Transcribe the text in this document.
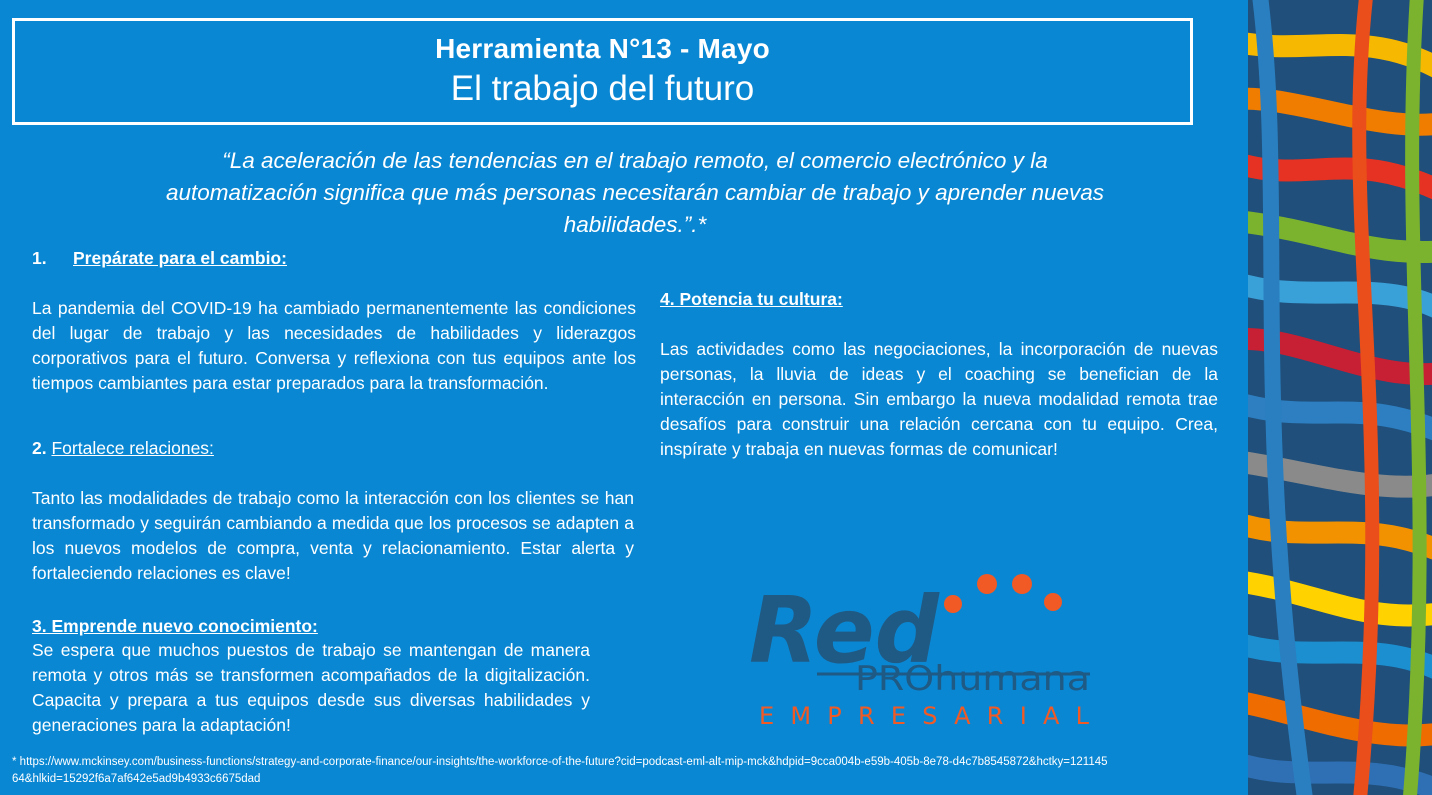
Herramienta N°13 - Mayo
El trabajo del futuro
“La aceleración de las tendencias en el trabajo remoto, el comercio electrónico y la automatización significa que más personas necesitarán cambiar de trabajo y aprender nuevas habilidades.”.*
1. Prepárate para el cambio:
La pandemia del COVID-19 ha cambiado permanentemente las condiciones del lugar de trabajo y las necesidades de habilidades y liderazgos corporativos para el futuro. Conversa y reflexiona con tus equipos ante los tiempos cambiantes para estar preparados para la transformación.
2. Fortalece relaciones:
Tanto las modalidades de trabajo como la interacción con los clientes se han transformado y seguirán cambiando a medida que los procesos se adapten a los nuevos modelos de compra, venta y relacionamiento. Estar alerta y fortaleciendo relaciones es clave!
3. Emprende nuevo conocimiento:
Se espera que muchos puestos de trabajo se mantengan de manera remota y otros más se transformen acompañados de la digitalización. Capacita y prepara a tus equipos desde sus diversas habilidades y generaciones para la adaptación!
4. Potencia tu cultura:
Las actividades como las negociaciones, la incorporación de nuevas personas, la lluvia de ideas y el coaching se benefician de la interacción en persona. Sin embargo la nueva modalidad remota trae desafíos para construir una relación cercana con tu equipo. Crea, inspírate y trabaja en nuevas formas de comunicar!
Red
PROhumana
EMPRESARIAL
* https://www.mckinsey.com/business-functions/strategy-and-corporate-finance/our-insights/the-workforce-of-the-future?cid=podcast-eml-alt-mip-mck&hdpid=9cca004b-e59b-405b-8e78-d4c7b8545872&hctky=12114564&hlkid=15292f6a7af642e5ad9b4933c6675dad
